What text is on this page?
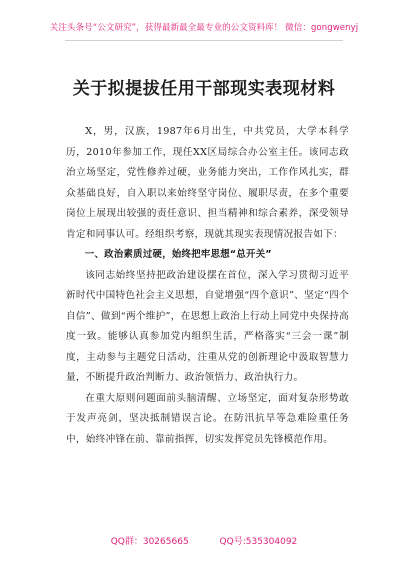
关注头条号“公文研究”，获得最新最全最专业的公文资料库！ 微信：gongwenyj
关于拟提拔任用干部现实表现材料

X，男，汉族，1987年6月出生，中共党员，大学本科学历，2010年参加工作，现任XX区局综合办公室主任。该同志政治立场坚定，党性修养过硬，业务能力突出，工作作风扎实，群众基础良好，自入职以来始终坚守岗位、履职尽责，在多个重要岗位上展现出较强的责任意识、担当精神和综合素养，深受领导肯定和同事认可。经组织考察，现就其现实表现情况报告如下：

一、政治素质过硬，始终把牢思想“总开关”

该同志始终坚持把政治建设摆在首位，深入学习贯彻习近平新时代中国特色社会主义思想，自觉增强“四个意识”、坚定“四个自信”、做到“两个维护”，在思想上政治上行动上同党中央保持高度一致。能够认真参加党内组织生活，严格落实“三会一课”制度，主动参与主题党日活动，注重从党的创新理论中汲取智慧力量，不断提升政治判断力、政治领悟力、政治执行力。

在重大原则问题面前头脑清醒、立场坚定，面对复杂形势敢于发声亮剑，坚决抵制错误言论。在防汛抗旱等急难险重任务中，始终冲锋在前、靠前指挥，切实发挥党员先锋模范作用。

QQ群：30265665	QQ号:535304092
